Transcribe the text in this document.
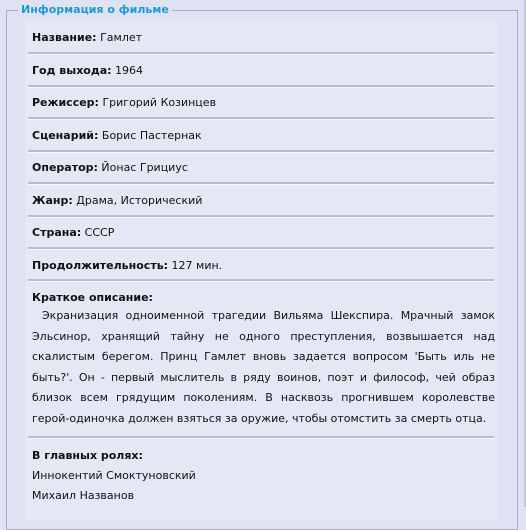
Информация о фильме
Название: Гамлет
Год выхода: 1964
Режиссер: Григорий Козинцев
Сценарий: Борис Пастернак
Оператор: Йонас Грициус
Жанр: Драма, Исторический
Страна: СССР
Продолжительность: 127 мин.
Краткое описание:
Экранизация одноименной трагедии Вильяма Шекспира. Мрачный замок Эльсинор, хранящий тайну не одного преступления, возвышается над скалистым берегом. Принц Гамлет вновь задается вопросом 'Быть иль не быть?'. Он - первый мыслитель в ряду воинов, поэт и философ, чей образ близок всем грядущим поколениям. В насквозь прогнившем королевстве герой-одиночка должен взяться за оружие, чтобы отомстить за смерть отца.
В главных ролях:
Иннокентий Смоктуновский
Михаил Названов
